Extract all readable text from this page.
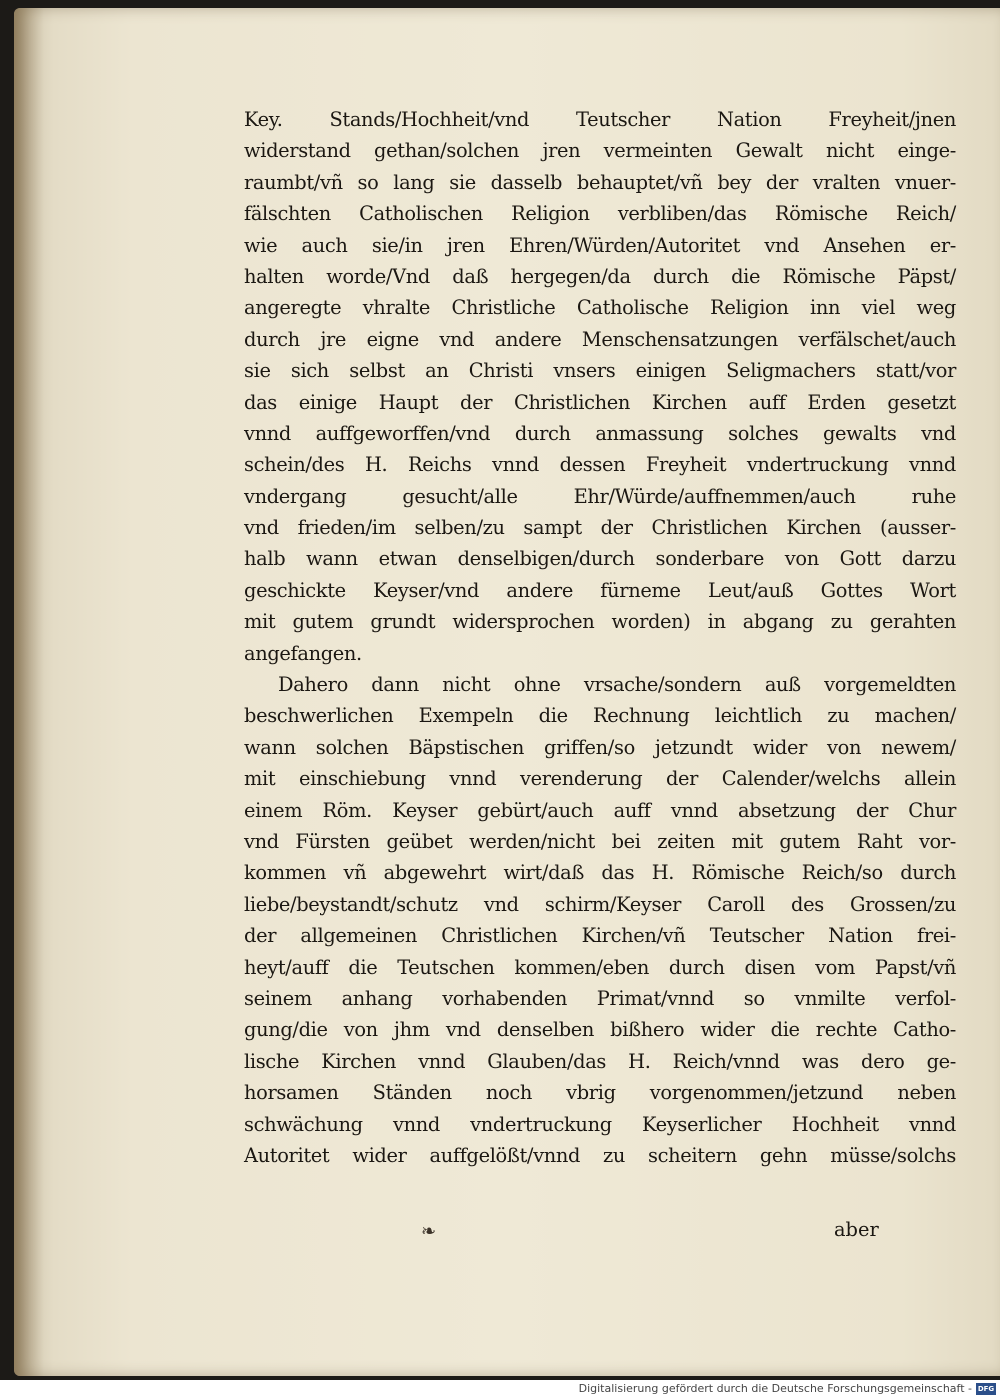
Key. Stands/Hochheit/vnd Teutscher Nation Freyheit/jnen
widerstand gethan/solchen jren vermeinten Gewalt nicht einge-
raumbt/vñ so lang sie dasselb behauptet/vñ bey der vralten vnuer-
fälschten Catholischen Religion verbliben/das Römische Reich/
wie auch sie/in jren Ehren/Würden/Autoritet vnd Ansehen er-
halten worde/Vnd daß hergegen/da durch die Römische Päpst/
angeregte vhralte Christliche Catholische Religion inn viel weg
durch jre eigne vnd andere Menschensatzungen verfälschet/auch
sie sich selbst an Christi vnsers einigen Seligmachers statt/vor
das einige Haupt der Christlichen Kirchen auff Erden gesetzt
vnnd auffgeworffen/vnd durch anmassung solches gewalts vnd
schein/des H. Reichs vnnd dessen Freyheit vndertruckung vnnd
vndergang gesucht/alle Ehr/Würde/auffnemmen/auch ruhe
vnd frieden/im selben/zu sampt der Christlichen Kirchen (ausser-
halb wann etwan denselbigen/durch sonderbare von Gott darzu
geschickte Keyser/vnd andere fürneme Leut/auß Gottes Wort
mit gutem grundt widersprochen worden) in abgang zu gerahten
angefangen.
Dahero dann nicht ohne vrsache/sondern auß vorgemeldten
beschwerlichen Exempeln die Rechnung leichtlich zu machen/
wann solchen Bäpstischen griffen/so jetzundt wider von newem/
mit einschiebung vnnd verenderung der Calender/welchs allein
einem Röm. Keyser gebürt/auch auff vnnd absetzung der Chur
vnd Fürsten geübet werden/nicht bei zeiten mit gutem Raht vor-
kommen vñ abgewehrt wirt/daß das H. Römische Reich/so durch
liebe/beystandt/schutz vnd schirm/Keyser Caroll des Grossen/zu
der allgemeinen Christlichen Kirchen/vñ Teutscher Nation frei-
heyt/auff die Teutschen kommen/eben durch disen vom Papst/vñ
seinem anhang vorhabenden Primat/vnnd so vnmilte verfol-
gung/die von jhm vnd denselben bißhero wider die rechte Catho-
lische Kirchen vnnd Glauben/das H. Reich/vnnd was dero ge-
horsamen Ständen noch vbrig vorgenommen/jetzund neben
schwächung vnnd vndertruckung Keyserlicher Hochheit vnnd
Autoritet wider auffgelößt/vnnd zu scheitern gehn müsse/solchs
❧	aber
Digitalisierung gefördert durch die Deutsche Forschungsgemeinschaft - DFG
